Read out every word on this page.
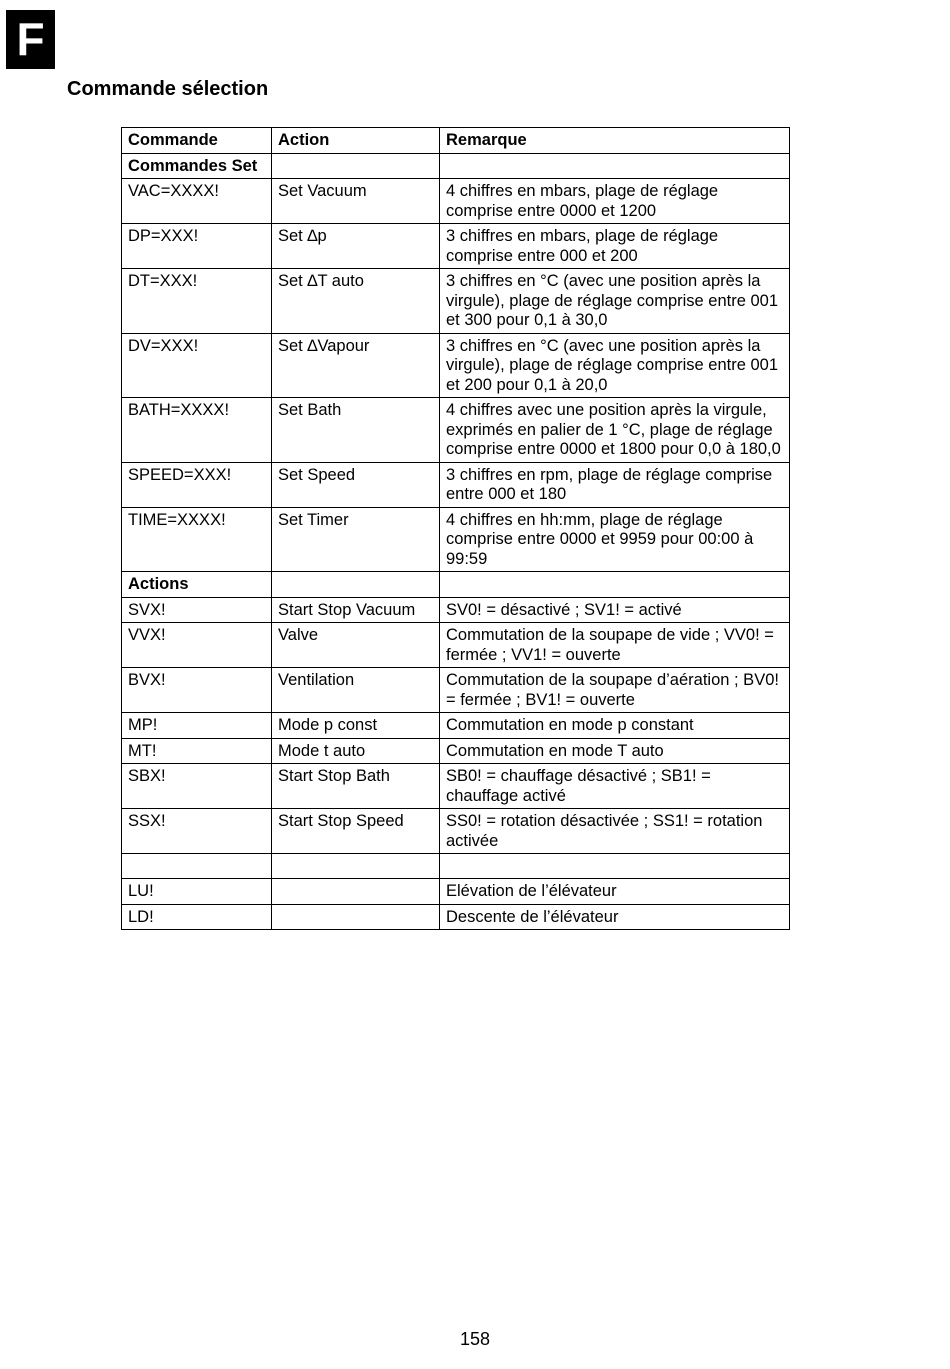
F
Commande sélection
Commande	Action	Remarque
Commandes Set		
VAC=XXXX!	Set Vacuum	4 chiffres en mbars, plage de réglage comprise entre 0000 et 1200
DP=XXX!	Set ∆p	3 chiffres en mbars, plage de réglage comprise entre 000 et 200
DT=XXX!	Set ∆T auto	3 chiffres en °C (avec une position après la virgule), plage de réglage comprise entre 001 et 300 pour 0,1 à 30,0
DV=XXX!	Set ∆Vapour	3 chiffres en °C (avec une position après la virgule), plage de réglage comprise entre 001 et 200 pour 0,1 à 20,0
BATH=XXXX!	Set Bath	4 chiffres avec une position après la virgule, exprimés en palier de 1 °C, plage de réglage comprise entre 0000 et 1800 pour 0,0 à 180,0
SPEED=XXX!	Set Speed	3 chiffres en rpm, plage de réglage comprise entre 000 et 180
TIME=XXXX!	Set Timer	4 chiffres en hh:mm, plage de réglage comprise entre 0000 et 9959 pour 00:00 à 99:59
Actions		
SVX!	Start Stop Vacuum	SV0! = désactivé ; SV1! = activé
VVX!	Valve	Commutation de la soupape de vide ; VV0! = fermée ; VV1! = ouverte
BVX!	Ventilation	Commutation de la soupape d’aération ; BV0! = fermée ; BV1! = ouverte
MP!	Mode p const	Commutation en mode p constant
MT!	Mode t auto	Commutation en mode T auto
SBX!	Start Stop Bath	SB0! = chauffage désactivé ; SB1! = chauffage activé
SSX!	Start Stop Speed	SS0! = rotation désactivée ; SS1! = rotation activée

LU!		Elévation de l’élévateur
LD!		Descente de l’élévateur
158
